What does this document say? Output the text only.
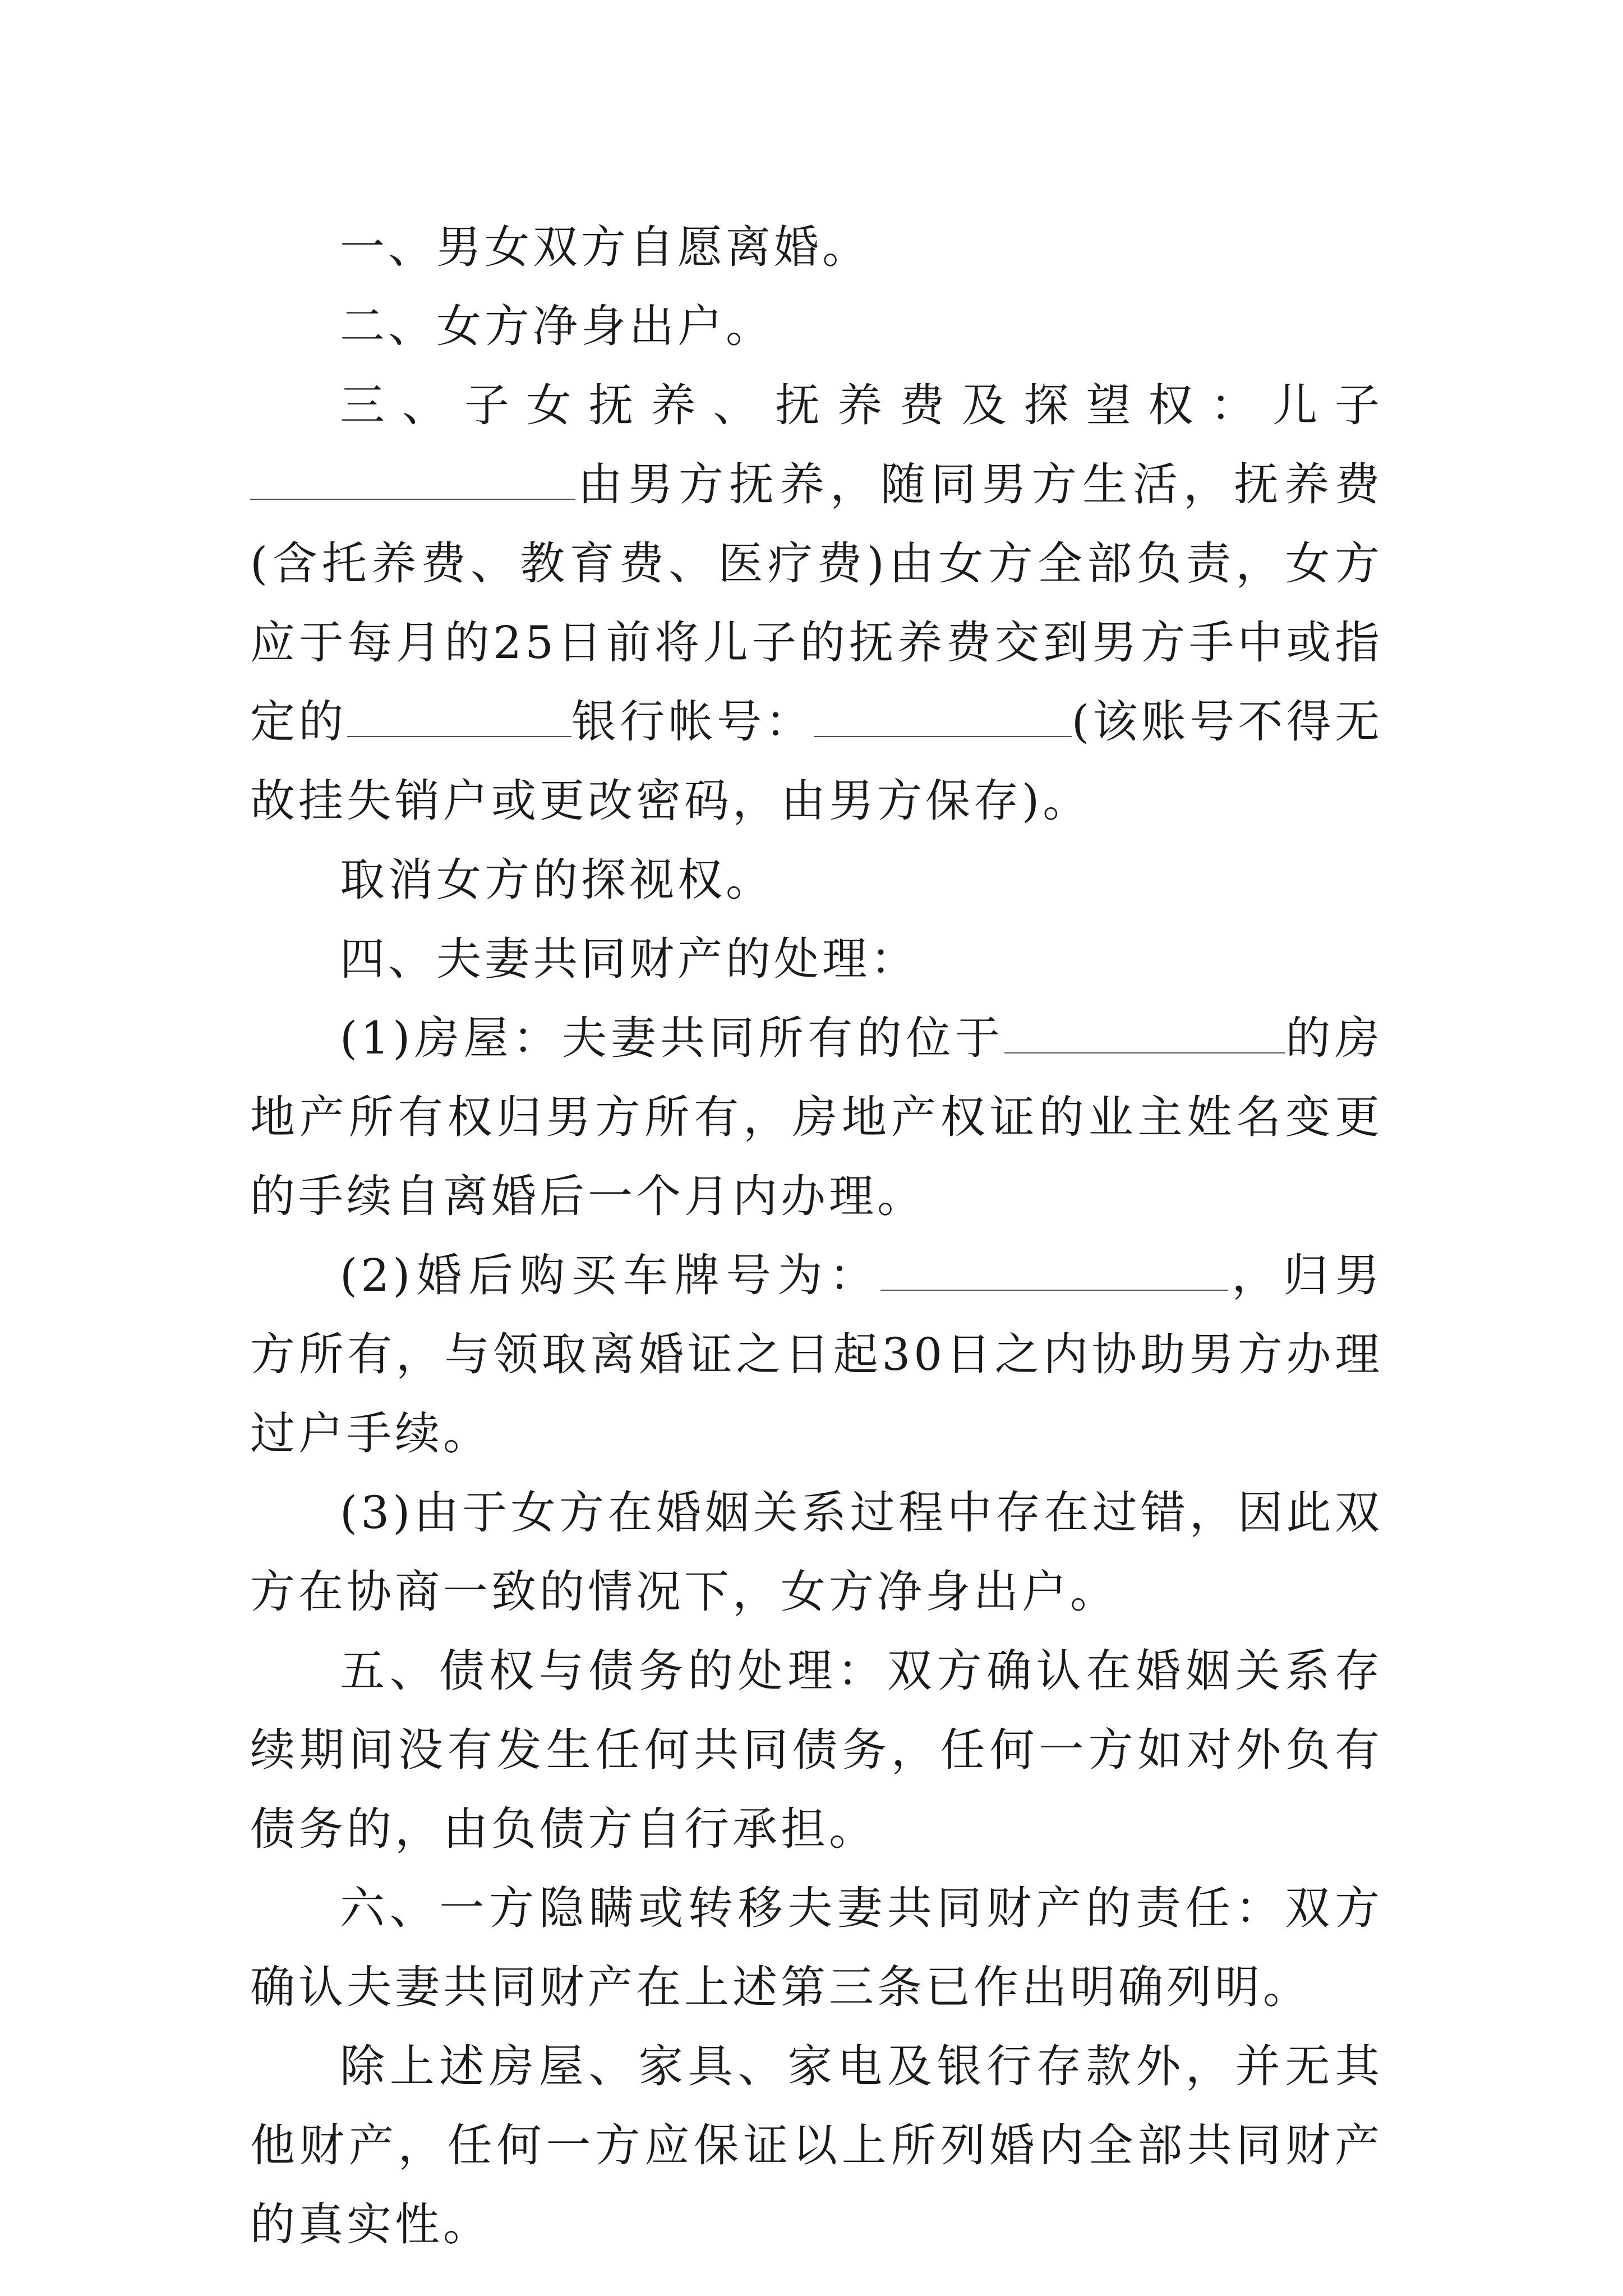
一、男女双方自愿离婚。

二、女方净身出户。

三、子女抚养、抚养费及探望权：儿子由男方抚养，随同男方生活，抚养费(含托养费、教育费、医疗费)由女方全部负责，女方应于每月的25日前将儿子的抚养费交到男方手中或指定的	银行帐号：	(该账号不得无故挂失销户或更改密码，由男方保存)。

取消女方的探视权。

四、夫妻共同财产的处理：

(1)房屋：夫妻共同所有的位于	的房地产所有权归男方所有，房地产权证的业主姓名变更的手续自离婚后一个月内办理。

(2)婚后购买车牌号为：	，归男方所有，与领取离婚证之日起30日之内协助男方办理过户手续。

(3)由于女方在婚姻关系过程中存在过错，因此双方在协商一致的情况下，女方净身出户。

五、债权与债务的处理：双方确认在婚姻关系存续期间没有发生任何共同债务，任何一方如对外负有债务的，由负债方自行承担。

六、一方隐瞒或转移夫妻共同财产的责任：双方确认夫妻共同财产在上述第三条已作出明确列明。

除上述房屋、家具、家电及银行存款外，并无其他财产，任何一方应保证以上所列婚内全部共同财产的真实性。
